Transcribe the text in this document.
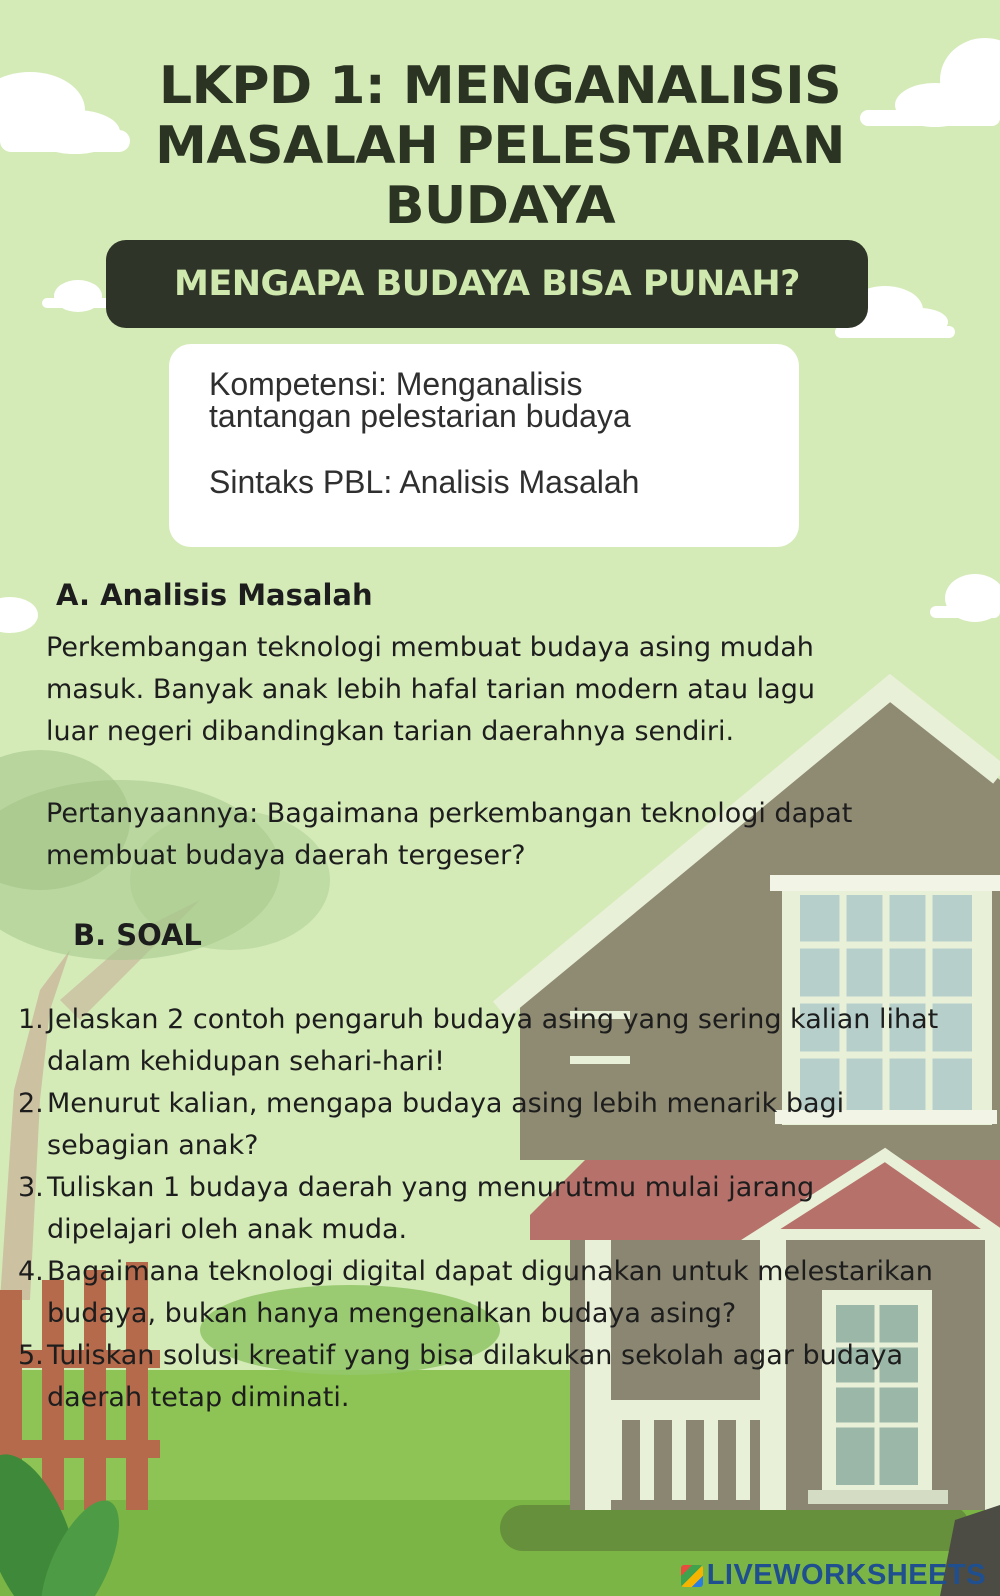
LKPD 1: MENGANALISIS
MASALAH PELESTARIAN
BUDAYA
MENGAPA BUDAYA BISA PUNAH?
Kompetensi: Menganalisis
tantangan pelestarian budaya
Sintaks PBL: Analisis Masalah
A. Analisis Masalah
Perkembangan teknologi membuat budaya asing mudah
masuk. Banyak anak lebih hafal tarian modern atau lagu
luar negeri dibandingkan tarian daerahnya sendiri.
Pertanyaannya: Bagaimana perkembangan teknologi dapat
membuat budaya daerah tergeser?
B. SOAL
1. Jelaskan 2 contoh pengaruh budaya asing yang sering kalian lihat
dalam kehidupan sehari-hari!
2. Menurut kalian, mengapa budaya asing lebih menarik bagi
sebagian anak?
3. Tuliskan 1 budaya daerah yang menurutmu mulai jarang
dipelajari oleh anak muda.
4. Bagaimana teknologi digital dapat digunakan untuk melestarikan
budaya, bukan hanya mengenalkan budaya asing?
5. Tuliskan solusi kreatif yang bisa dilakukan sekolah agar budaya
daerah tetap diminati.
LIVEWORKSHEETS
